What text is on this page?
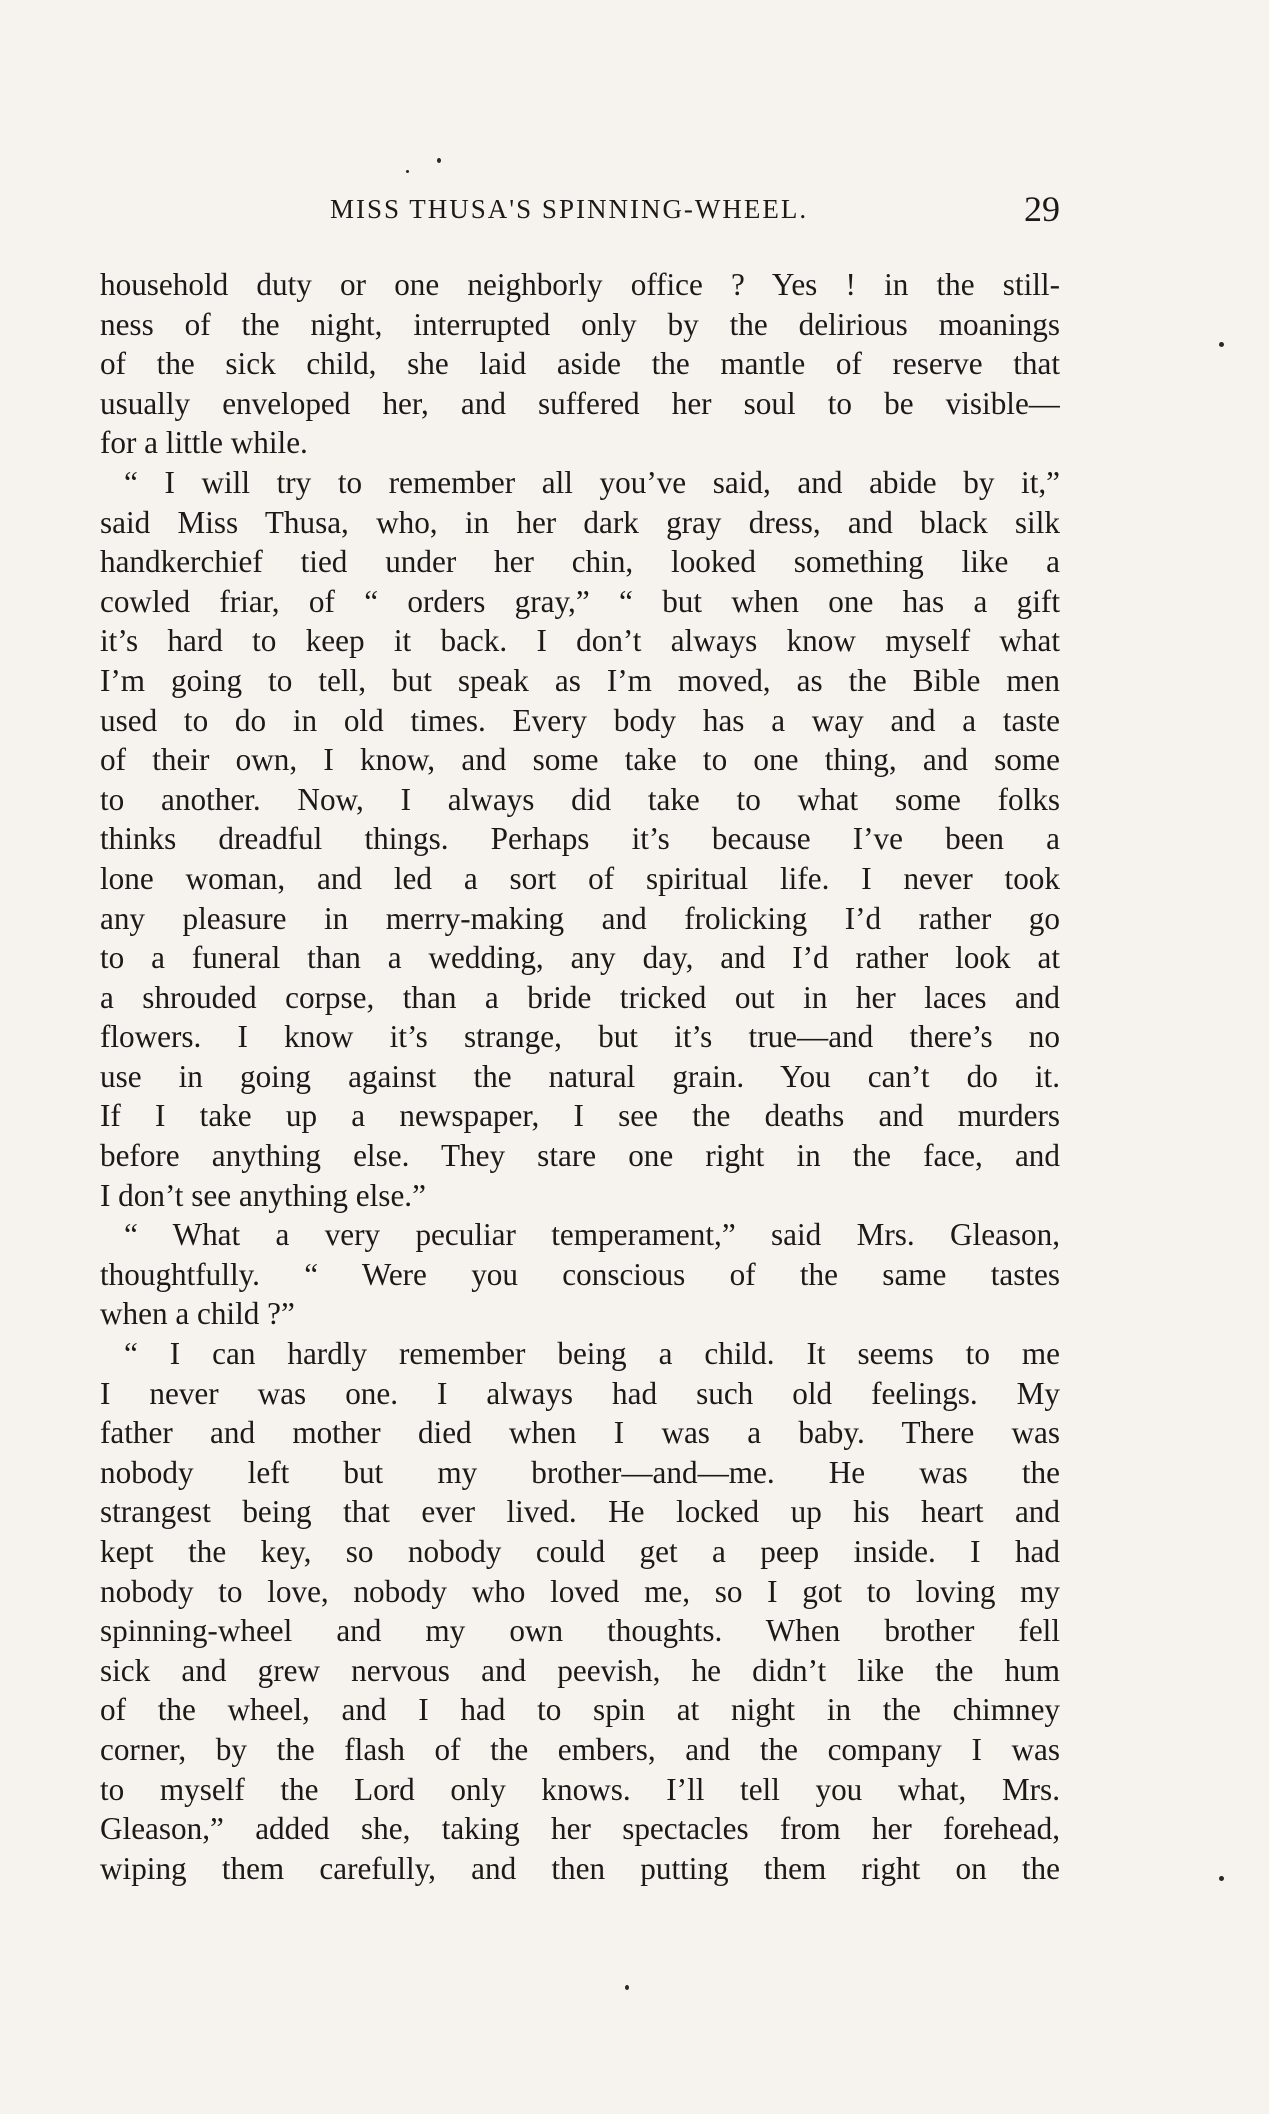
MISS THUSA'S SPINNING-WHEEL.	29
household duty or one neighborly office ? Yes ! in the still-
ness of the night, interrupted only by the delirious moanings
of the sick child, she laid aside the mantle of reserve that
usually enveloped her, and suffered her soul to be visible—
for a little while.
“ I will try to remember all you’ve said, and abide by it,”
said Miss Thusa, who, in her dark gray dress, and black silk
handkerchief tied under her chin, looked something like a
cowled friar, of “ orders gray,” “ but when one has a gift
it’s hard to keep it back. I don’t always know myself what
I’m going to tell, but speak as I’m moved, as the Bible men
used to do in old times. Every body has a way and a taste
of their own, I know, and some take to one thing, and some
to another. Now, I always did take to what some folks
thinks dreadful things. Perhaps it’s because I’ve been a
lone woman, and led a sort of spiritual life. I never took
any pleasure in merry-making and frolicking I’d rather go
to a funeral than a wedding, any day, and I’d rather look at
a shrouded corpse, than a bride tricked out in her laces and
flowers. I know it’s strange, but it’s true—and there’s no
use in going against the natural grain. You can’t do it.
If I take up a newspaper, I see the deaths and murders
before anything else. They stare one right in the face, and
I don’t see anything else.”
“ What a very peculiar temperament,” said Mrs. Gleason,
thoughtfully. “ Were you conscious of the same tastes
when a child ?”
“ I can hardly remember being a child. It seems to me
I never was one. I always had such old feelings. My
father and mother died when I was a baby. There was
nobody left but my brother—and—me. He was the
strangest being that ever lived. He locked up his heart and
kept the key, so nobody could get a peep inside. I had
nobody to love, nobody who loved me, so I got to loving my
spinning-wheel and my own thoughts. When brother fell
sick and grew nervous and peevish, he didn’t like the hum
of the wheel, and I had to spin at night in the chimney
corner, by the flash of the embers, and the company I was
to myself the Lord only knows. I’ll tell you what, Mrs.
Gleason,” added she, taking her spectacles from her forehead,
wiping them carefully, and then putting them right on the
